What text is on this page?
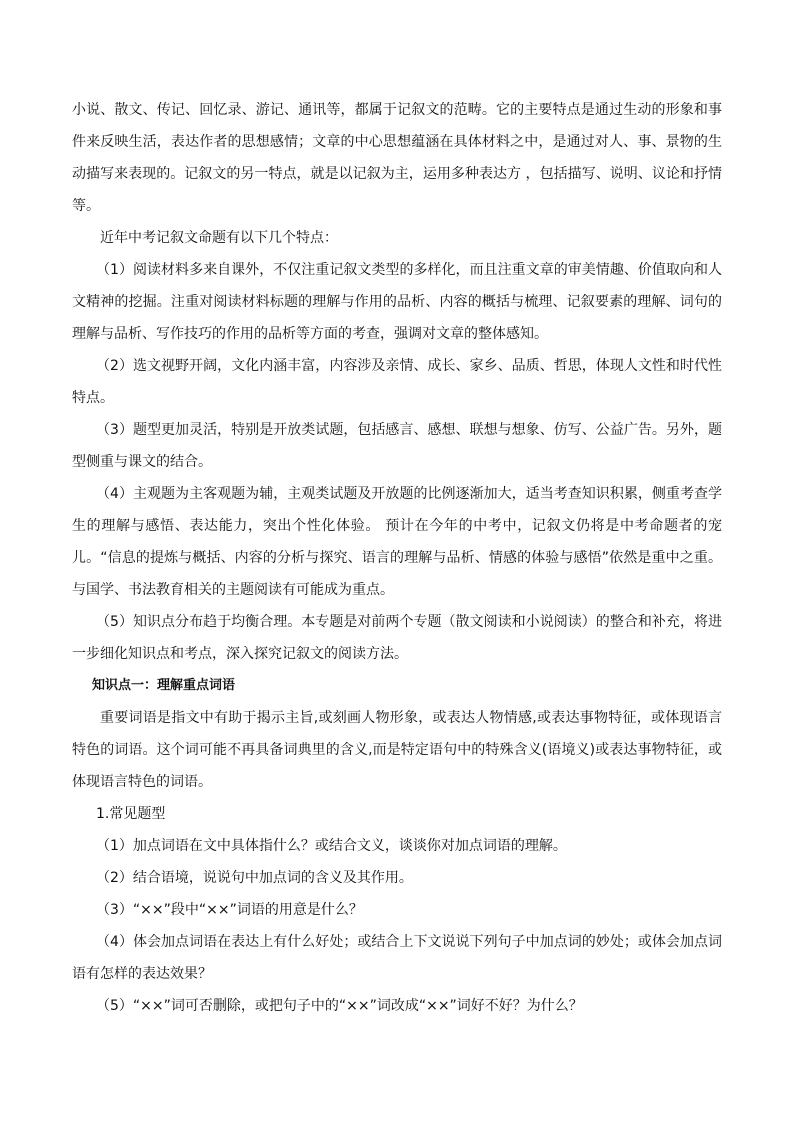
小说、散文、传记、回忆录、游记、通讯等，都属于记叙文的范畴。它的主要特点是通过生动的形象和事件来反映生活，表达作者的思想感情；文章的中心思想蕴涵在具体材料之中，是通过对人、事、景物的生动描写来表现的。记叙文的另一特点，就是以记叙为主，运用多种表达方 ，包括描写、说明、议论和抒情等。

近年中考记叙文命题有以下几个特点：

（1）阅读材料多来自课外，不仅注重记叙文类型的多样化，而且注重文章的审美情趣、价值取向和人文精神的挖掘。注重对阅读材料标题的理解与作用的品析、内容的概括与梳理、记叙要素的理解、词句的理解与品析、写作技巧的作用的品析等方面的考查，强调对文章的整体感知。

（2）选文视野开阔，文化内涵丰富，内容涉及亲情、成长、家乡、品质、哲思，体现人文性和时代性特点。

（3）题型更加灵活，特别是开放类试题，包括感言、感想、联想与想象、仿写、公益广告。另外，题型侧重与课文的结合。

（4）主观题为主客观题为辅，主观类试题及开放题的比例逐渐加大，适当考查知识积累，侧重考查学生的理解与感悟、表达能力，突出个性化体验。 预计在今年的中考中，记叙文仍将是中考命题者的宠儿。“信息的提炼与概括、内容的分析与探究、语言的理解与品析、情感的体验与感悟”依然是重中之重。与国学、书法教育相关的主题阅读有可能成为重点。

（5）知识点分布趋于均衡合理。本专题是对前两个专题（散文阅读和小说阅读）的整合和补充，将进一步细化知识点和考点，深入探究记叙文的阅读方法。

知识点一：理解重点词语

重要词语是指文中有助于揭示主旨,或刻画人物形象，或表达人物情感,或表达事物特征，或体现语言特色的词语。这个词可能不再具备词典里的含义,而是特定语句中的特殊含义(语境义)或表达事物特征，或体现语言特色的词语。

1.常见题型

（1）加点词语在文中具体指什么？或结合文义，谈谈你对加点词语的理解。

（2）结合语境，说说句中加点词的含义及其作用。

（3）“××”段中“××”词语的用意是什么？

（4）体会加点词语在表达上有什么好处；或结合上下文说说下列句子中加点词的妙处；或体会加点词语有怎样的表达效果？

（5）“××”词可否删除，或把句子中的“××”词改成“××”词好不好？为什么？
